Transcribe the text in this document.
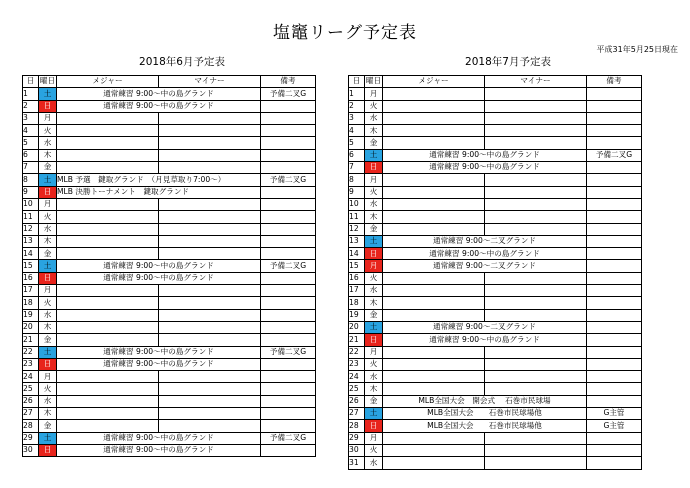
塩竈リーグ予定表
平成31年5月25日現在
2018年6月予定表	2018年7月予定表
日	曜日	メジャー	マイナー	備考
1	土	通常練習 9:00～中の島グランド		予備二叉G
2	日	通常練習 9:00～中の島グランド		
3	月			
4	火			
5	水			
6	木			
7	金			
8	土	MLB 予選　鍵取グランド　（月見草取り7:00～）		予備二叉G
9	日	MLB 決勝トーナメント　鍵取グランド		
10	月			
11	火			
12	水			
13	木			
14	金			
15	土	通常練習 9:00～中の島グランド		予備二叉G
16	日	通常練習 9:00～中の島グランド		
17	月			
18	火			
19	水			
20	木			
21	金			
22	土	通常練習 9:00～中の島グランド		予備二叉G
23	日	通常練習 9:00～中の島グランド		
24	月			
25	火			
26	水			
27	木			
28	金			
29	土	通常練習 9:00～中の島グランド		予備二叉G
30	日	通常練習 9:00～中の島グランド		
日	曜日	メジャー	マイナー	備考
1	月			
2	火			
3	水			
4	木			
5	金			
6	土	通常練習 9:00～中の島グランド		予備二叉G
7	日	通常練習 9:00～中の島グランド		
8	月			
9	火			
10	水			
11	木			
12	金			
13	土	通常練習 9:00～二叉グランド		
14	日	通常練習 9:00～中の島グランド		
15	月	通常練習 9:00～二叉グランド		
16	火			
17	水			
18	木			
19	金			
20	土	通常練習 9:00～二叉グランド		
21	日	通常練習 9:00～中の島グランド		
22	月			
23	火			
24	水			
25	木			
26	金	MLB全国大会　開会式　 石巻市民球場		
27	土	MLB全国大会　　石巻市民球場他		G主管
28	日	MLB全国大会　　石巻市民球場他		G主管
29	月			
30	火			
31	水			
